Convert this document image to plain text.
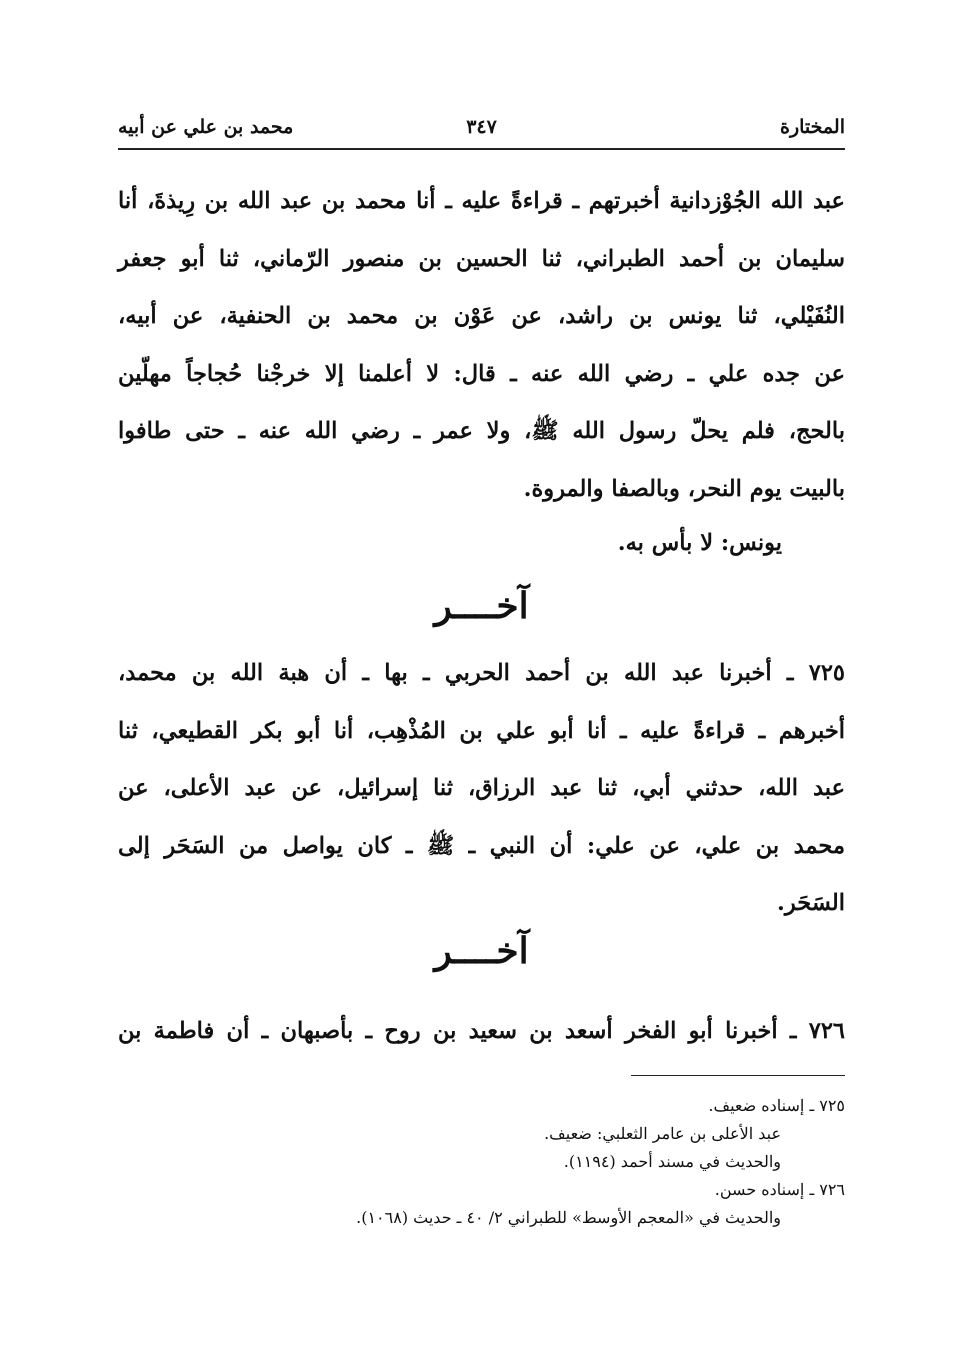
المختارة
٣٤٧
محمد بن علي عن أبيه
عبد الله الجُوْزدانية أخبرتهم ـ قراءةً عليه ـ أنا محمد بن عبد الله بن رِيذةَ، أنا
سليمان بن أحمد الطبراني، ثنا الحسين بن منصور الرّماني، ثنا أبو جعفر
النُفَيْلي، ثنا يونس بن راشد، عن عَوْن بن محمد بن الحنفية، عن أبيه،
عن جده علي ـ رضي الله عنه ـ قال: لا أعلمنا إلا خرجْنا حُجاجاً مهلّين
بالحج، فلم يحلّ رسول الله ﷺ، ولا عمر ـ رضي الله عنه ـ حتى طافوا
بالبيت يوم النحر، وبالصفا والمروة.
يونس: لا بأس به.
آخــــر
٧٢٥ ـ أخبرنا عبد الله بن أحمد الحربي ـ بها ـ أن هبة الله بن محمد،
أخبرهم ـ قراءةً عليه ـ أنا أبو علي بن المُذْهِب، أنا أبو بكر القطيعي، ثنا
عبد الله، حدثني أبي، ثنا عبد الرزاق، ثنا إسرائيل، عن عبد الأعلى، عن
محمد بن علي، عن علي: أن النبي ـ ﷺ ـ كان يواصل من السَحَر إلى
السَحَر.
آخــــر
٧٢٦ ـ أخبرنا أبو الفخر أسعد بن سعيد بن روح ـ بأصبهان ـ أن فاطمة بن
٧٢٥ ـ إسناده ضعيف.
عبد الأعلى بن عامر الثعلبي: ضعيف.
والحديث في مسند أحمد (١١٩٤).
٧٢٦ ـ إسناده حسن.
والحديث في «المعجم الأوسط» للطبراني ٢/ ٤٠ ـ حديث (١٠٦٨).
